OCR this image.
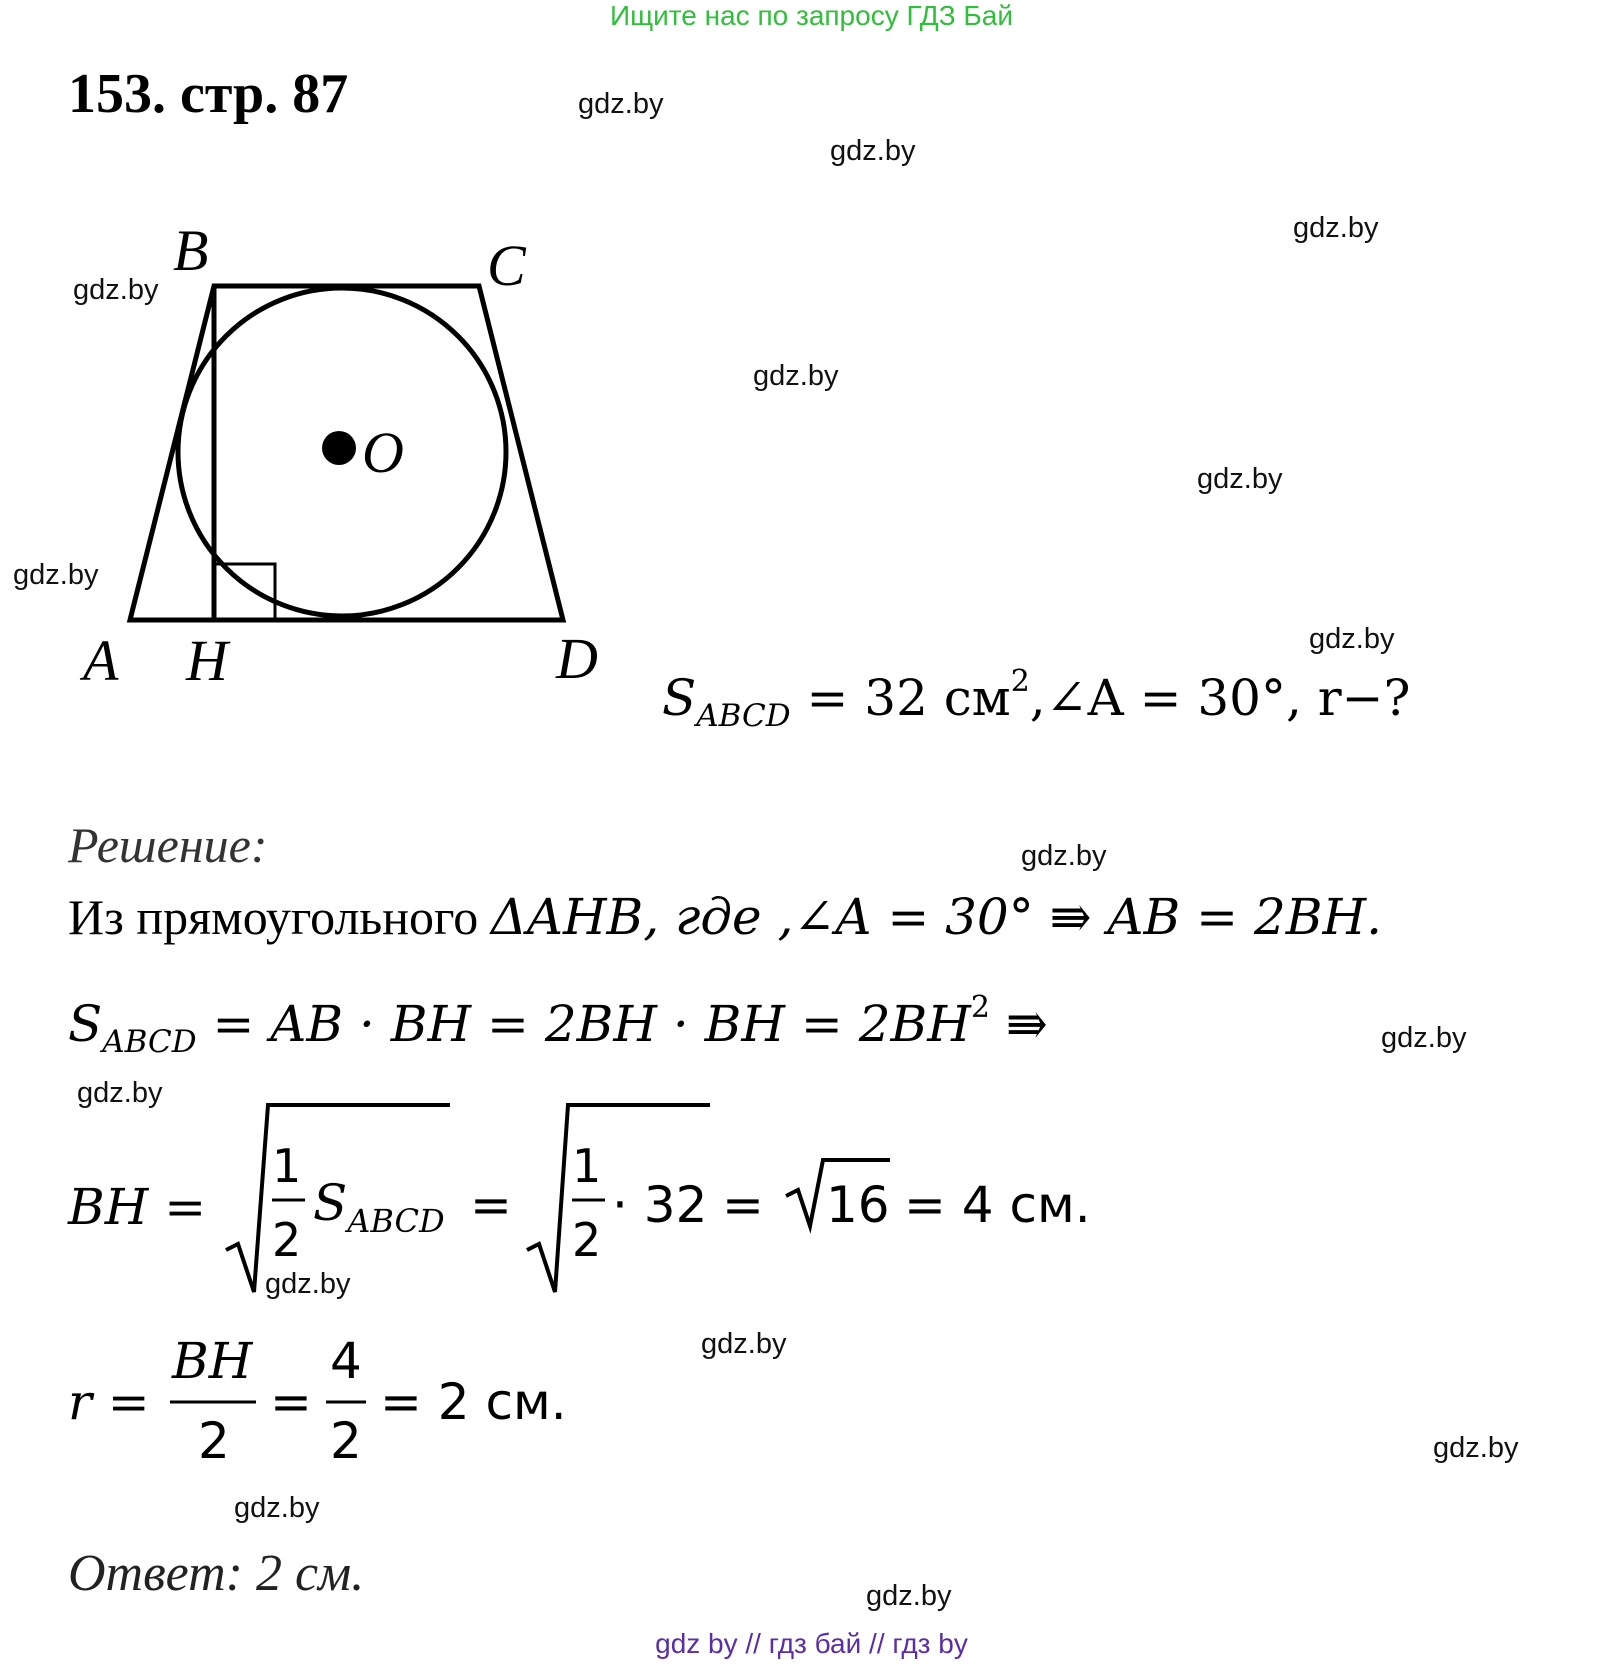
Ищите нас по запросу ГДЗ Бай
153. стр. 87	gdz.by
gdz.by
gdz.by
gdz.by
gdz.by
gdz.by
gdz.by
gdz.by
gdz.by
gdz.by
gdz.by
gdz.by
gdz.by
gdz.by
gdz.by
gdz.by
B	C
A H	D
O
BH =
1
2
$S_{ABCD}$ =
1
2
· 32 = 16 = 4 см.
r =
BH
2
=
4
2
= 2 см.
$S_{ABCD} = 32$ $см^2,\angle A = 30^\circ$, r−?
Решение:
Из прямоугольного ΔAHB, где ,∠A = 30° ⇛ AB = 2BH.
$S_{ABCD}$ = AB · BH = 2BH · BH = $2BH^2$ ⇛
Ответ: 2 см.
gdz by // гдз бай // гдз by
